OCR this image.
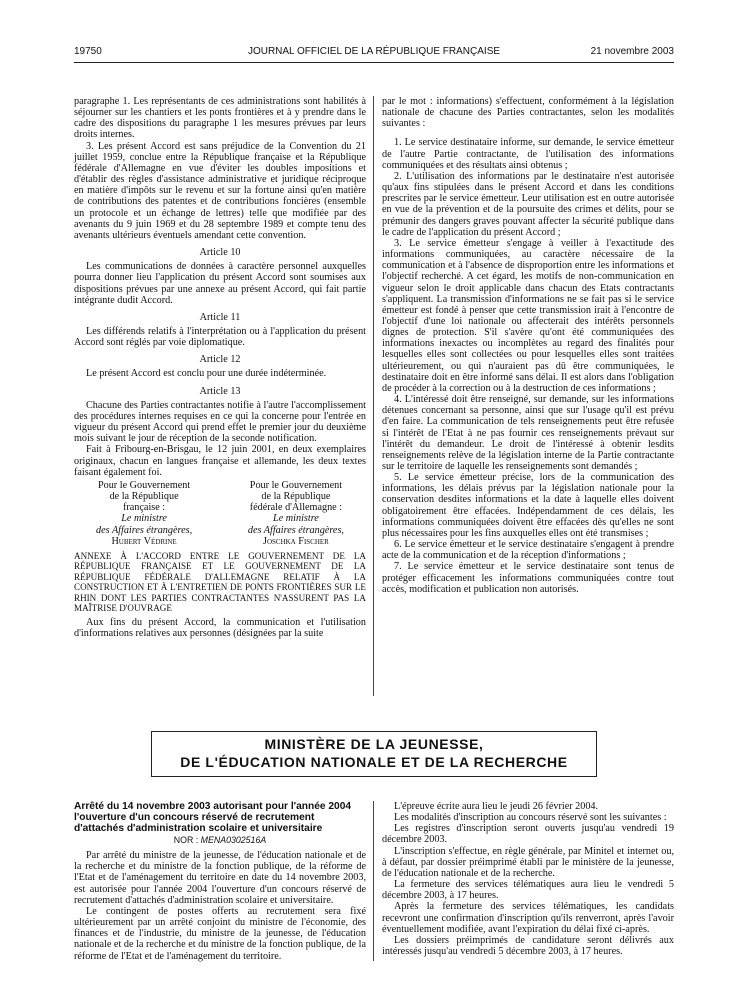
19750	JOURNAL OFFICIEL DE LA RÉPUBLIQUE FRANÇAISE	21 novembre 2003

paragraphe 1. Les représentants de ces administrations sont habilités à séjourner sur les chantiers et les ponts frontières et à y prendre dans le cadre des dispositions du paragraphe 1 les mesures prévues par leurs droits internes.

3. Les présent Accord est sans préjudice de la Convention du 21 juillet 1959, conclue entre la République française et la République fédérale d'Allemagne en vue d'éviter les doubles impositions et d'établir des règles d'assistance administrative et juridique réciproque en matière d'impôts sur le revenu et sur la fortune ainsi qu'en matière de contributions des patentes et de contributions foncières (ensemble un protocole et un échange de lettres) telle que modifiée par des avenants du 9 juin 1969 et du 28 septembre 1989 et compte tenu des avenants ultérieurs éventuels amendant cette convention.

Article 10

Les communications de données à caractère personnel auxquelles pourra donner lieu l'application du présent Accord sont soumises aux dispositions prévues par une annexe au présent Accord, qui fait partie intégrante dudit Accord.

Article 11

Les différends relatifs à l'interprétation ou à l'application du présent Accord sont réglés par voie diplomatique.

Article 12

Le présent Accord est conclu pour une durée indéterminée.

Article 13

Chacune des Parties contractantes notifie à l'autre l'accomplissement des procédures internes requises en ce qui la concerne pour l'entrée en vigueur du présent Accord qui prend effet le premier jour du deuxième mois suivant le jour de réception de la seconde notification.

Fait à Fribourg-en-Brisgau, le 12 juin 2001, en deux exemplaires originaux, chacun en langues française et allemande, les deux textes faisant également foi.

Pour le Gouvernement
de la République
française :
Le ministre
des Affaires étrangères,
Hubert Védrine
Pour le Gouvernement
de la République
fédérale d'Allemagne :
Le ministre
des Affaires étrangères,
Joschka Fischer

ANNEXE À L'ACCORD ENTRE LE GOUVERNEMENT DE LA RÉPUBLIQUE FRANÇAISE ET LE GOUVERNEMENT DE LA RÉPUBLIQUE FÉDÉRALE D'ALLEMAGNE RELATIF À LA CONSTRUCTION ET À L'ENTRETIEN DE PONTS FRONTIÈRES SUR LE RHIN DONT LES PARTIES CONTRACTANTES N'ASSURENT PAS LA MAÎTRISE D'OUVRAGE

Aux fins du présent Accord, la communication et l'utilisation d'informations relatives aux personnes (désignées par la suite

par le mot : informations) s'effectuent, conformément à la législation nationale de chacune des Parties contractantes, selon les modalités suivantes :

1. Le service destinataire informe, sur demande, le service émetteur de l'autre Partie contractante, de l'utilisation des informations communiquées et des résultats ainsi obtenus ;

2. L'utilisation des informations par le destinataire n'est autorisée qu'aux fins stipulées dans le présent Accord et dans les conditions prescrites par le service émetteur. Leur utilisation est en outre autorisée en vue de la prévention et de la poursuite des crimes et délits, pour se prémunir des dangers graves pouvant affecter la sécurité publique dans le cadre de l'application du présent Accord ;

3. Le service émetteur s'engage à veiller à l'exactitude des informations communiquées, au caractère nécessaire de la communication et à l'absence de disproportion entre les informations et l'objectif recherché. A cet égard, les motifs de non-communication en vigueur selon le droit applicable dans chacun des Etats contractants s'appliquent. La transmission d'informations ne se fait pas si le service émetteur est fondé à penser que cette transmission irait à l'encontre de l'objectif d'une loi nationale ou affecterait des intérêts personnels dignes de protection. S'il s'avère qu'ont été communiquées des informations inexactes ou incomplètes au regard des finalités pour lesquelles elles sont collectées ou pour lesquelles elles sont traitées ultérieurement, ou qui n'auraient pas dû être communiquées, le destinataire doit en être informé sans délai. Il est alors dans l'obligation de procéder à la correction ou à la destruction de ces informations ;

4. L'intéressé doit être renseigné, sur demande, sur les informations détenues concernant sa personne, ainsi que sur l'usage qu'il est prévu d'en faire. La communication de tels renseignements peut être refusée si l'intérêt de l'Etat à ne pas fournir ces renseignements prévaut sur l'intérêt du demandeur. Le droit de l'intéressé à obtenir lesdits renseignements relève de la législation interne de la Partie contractante sur le territoire de laquelle les renseignements sont demandés ;

5. Le service émetteur précise, lors de la communication des informations, les délais prévus par la législation nationale pour la conservation desdites informations et la date à laquelle elles doivent obligatoirement être effacées. Indépendamment de ces délais, les informations communiquées doivent être effacées dès qu'elles ne sont plus nécessaires pour les fins auxquelles elles ont été transmises ;

6. Le service émetteur et le service destinataire s'engagent à prendre acte de la communication et de la réception d'informations ;

7. Le service émetteur et le service destinataire sont tenus de protéger efficacement les informations communiquées contre tout accès, modification et publication non autorisés.

MINISTÈRE DE LA JEUNESSE,
DE L'ÉDUCATION NATIONALE ET DE LA RECHERCHE

Arrêté du 14 novembre 2003 autorisant pour l'année 2004 l'ouverture d'un concours réservé de recrutement d'attachés d'administration scolaire et universitaire

NOR : MENA0302516A

Par arrêté du ministre de la jeunesse, de l'éducation nationale et de la recherche et du ministre de la fonction publique, de la réforme de l'Etat et de l'aménagement du territoire en date du 14 novembre 2003, est autorisée pour l'année 2004 l'ouverture d'un concours réservé de recrutement d'attachés d'administration scolaire et universitaire.

Le contingent de postes offerts au recrutement sera fixé ultérieurement par un arrêté conjoint du ministre de l'économie, des finances et de l'industrie, du ministre de la jeunesse, de l'éducation nationale et de la recherche et du ministre de la fonction publique, de la réforme de l'Etat et de l'aménagement du territoire.

L'épreuve écrite aura lieu le jeudi 26 février 2004.

Les modalités d'inscription au concours réservé sont les suivantes :

Les registres d'inscription seront ouverts jusqu'au vendredi 19 décembre 2003.

L'inscription s'effectue, en règle générale, par Minitel et internet ou, à défaut, par dossier préimprimé établi par le ministère de la jeunesse, de l'éducation nationale et de la recherche.

La fermeture des services télématiques aura lieu le vendredi 5 décembre 2003, à 17 heures.

Après la fermeture des services télématiques, les candidats recevront une confirmation d'inscription qu'ils renverront, après l'avoir éventuellement modifiée, avant l'expiration du délai fixé ci-après.

Les dossiers préimprimés de candidature seront délivrés aux intéressés jusqu'au vendredi 5 décembre 2003, à 17 heures.
